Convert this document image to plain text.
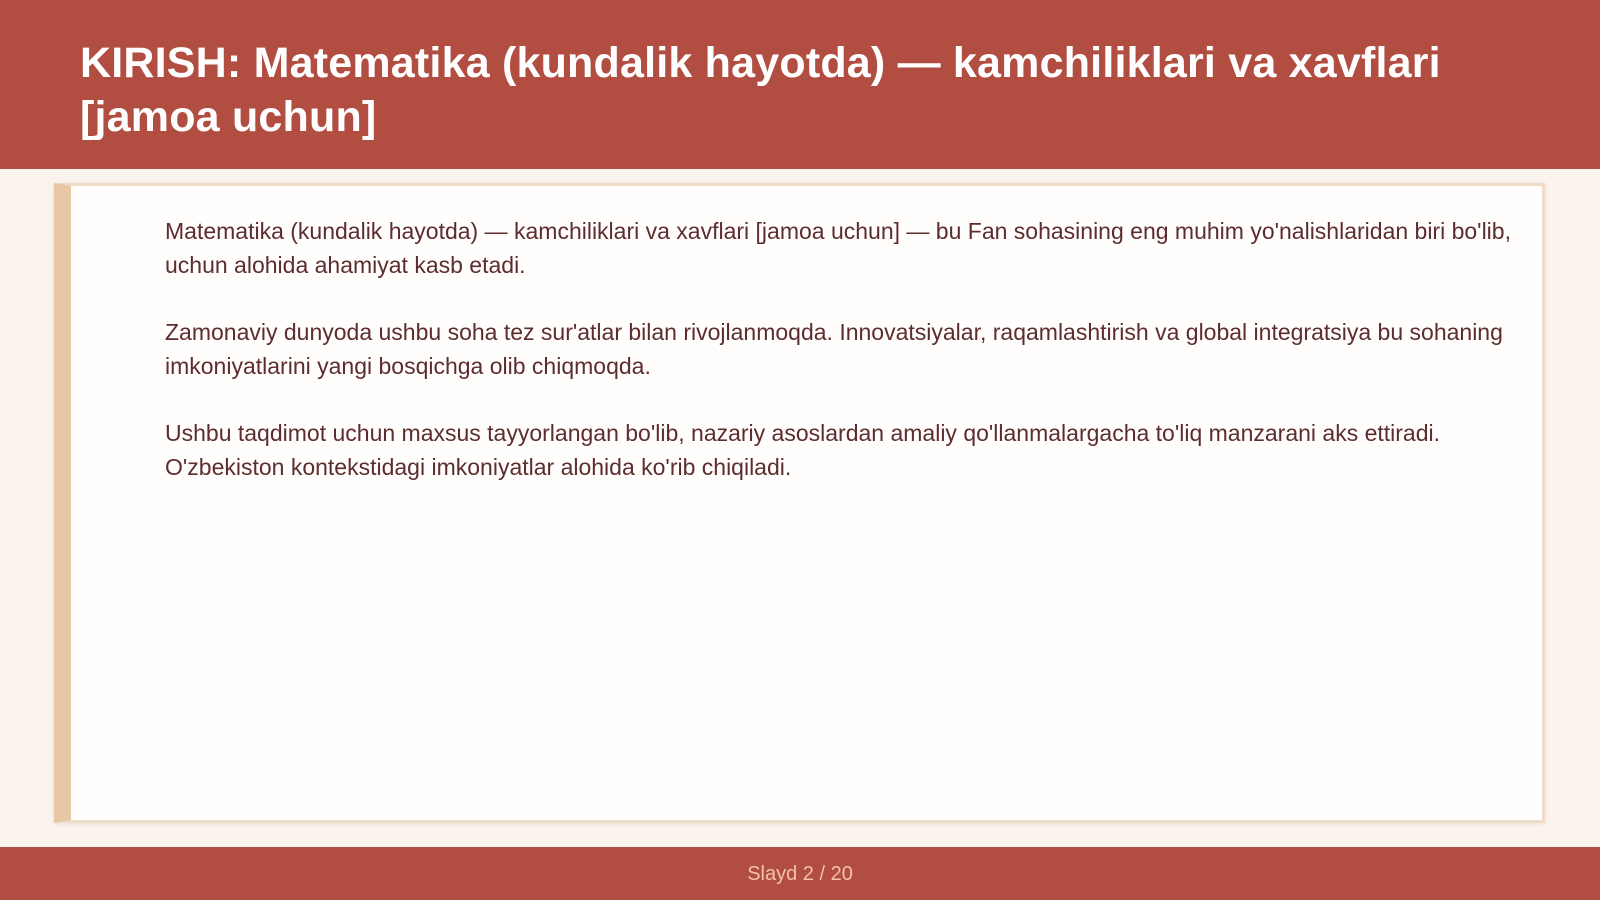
KIRISH: Matematika (kundalik hayotda) — kamchiliklari va xavflari [jamoa uchun]

Matematika (kundalik hayotda) — kamchiliklari va xavflari [jamoa uchun] — bu Fan sohasining eng muhim yo'nalishlaridan biri bo'lib, uchun alohida ahamiyat kasb etadi.

Zamonaviy dunyoda ushbu soha tez sur'atlar bilan rivojlanmoqda. Innovatsiyalar, raqamlashtirish va global integratsiya bu sohaning imkoniyatlarini yangi bosqichga olib chiqmoqda.

Ushbu taqdimot uchun maxsus tayyorlangan bo'lib, nazariy asoslardan amaliy qo'llanmalargacha to'liq manzarani aks ettiradi. O'zbekiston kontekstidagi imkoniyatlar alohida ko'rib chiqiladi.

Slayd 2 / 20
